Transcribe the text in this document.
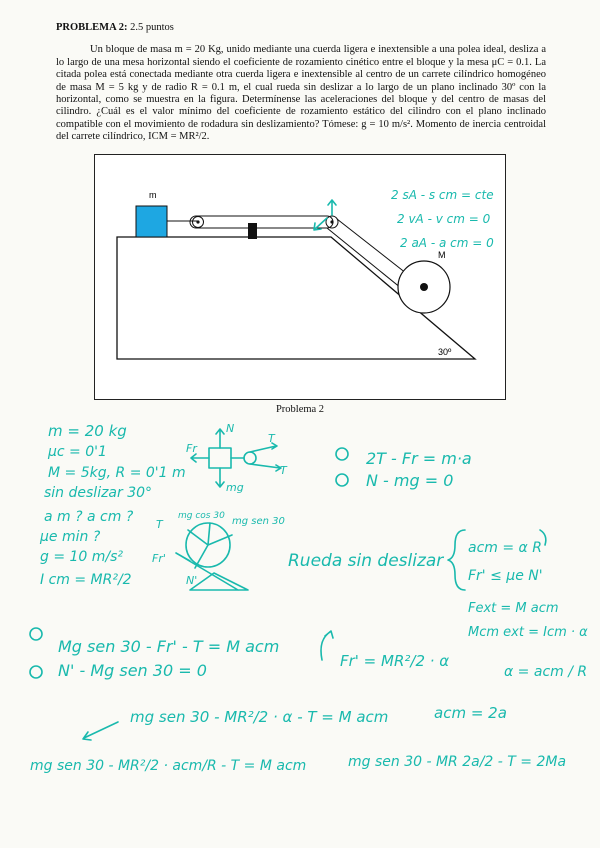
PROBLEMA 2: 2.5 puntos
Un bloque de masa m = 20 Kg, unido mediante una cuerda ligera e inextensible a una polea ideal, desliza a lo largo de una mesa horizontal siendo el coeficiente de rozamiento cinético entre el bloque y la mesa μC = 0.1. La citada polea está conectada mediante otra cuerda ligera e inextensible al centro de un carrete cilíndrico homogéneo de masa M = 5 kg y de radio R = 0.1 m, el cual rueda sin deslizar a lo largo de un plano inclinado 30º con la horizontal, como se muestra en la figura. Determínense las aceleraciones del bloque y del centro de masas del cilindro. ¿Cuál es el valor mínimo del coeficiente de rozamiento estático del cilindro con el plano inclinado compatible con el movimiento de rodadura sin deslizamiento? Tómese: g = 10 m/s². Momento de inercia centroidal del carrete cilíndrico, ICM = MR²/2.
m
M
30º
2 sA - s cm = cte
2 vA - v cm = 0
2 aA - a cm = 0
Problema 2
m = 20 kg
μc = 0'1
M = 5kg, R = 0'1 m
sin deslizar 30°
a m ? a cm ?
μe min ?
g = 10 m/s²
I cm = MR²/2
N
Fr
T
T
mg
2T - Fr = m·a
N - mg = 0
T
mg cos 30 mg sen 30
Fr'
N'
Rueda sin deslizar
acm = α R
Fr' ≤ μe N'
Fext = M acm
Mcm ext = Icm · α
Mg sen 30 - Fr' - T = M acm
N' - Mg sen 30 = 0	Fr' = MR²/2 · α
α = acm / R
mg sen 30 - MR²/2 · α - T = M acm	acm = 2a
mg sen 30 - MR²/2 · acm/R - T = M acm	mg sen 30 - MR 2a/2 - T = 2Ma
